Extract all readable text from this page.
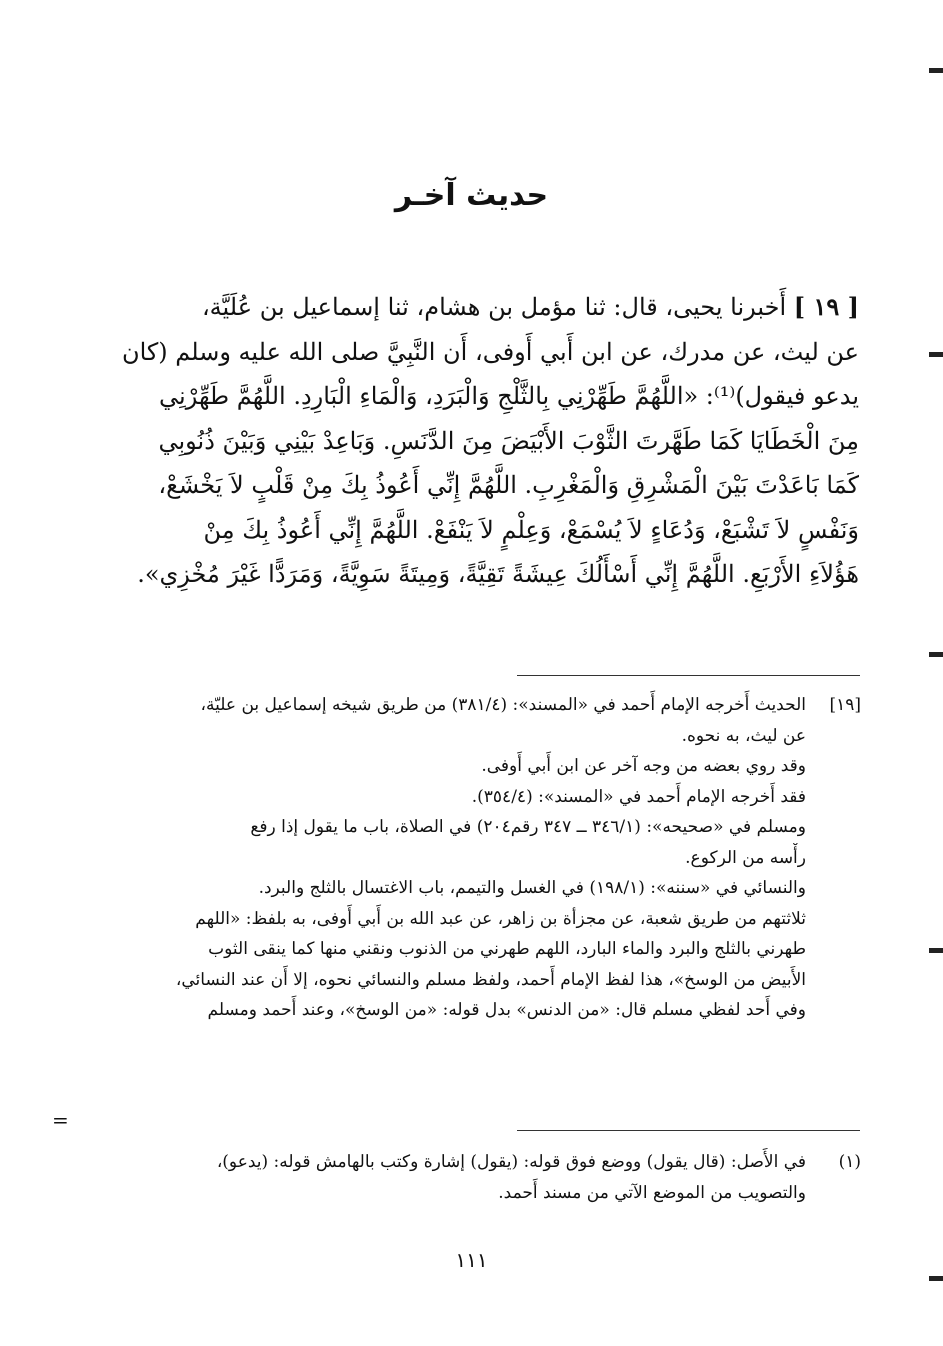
حديث آخـر
[ ١٩ ] أَخبرنا يحيى، قال: ثنا مؤمل بن هشام، ثنا إسماعيل بن عُلَيَّة،
عن ليث، عن مدرك، عن ابن أَبي أَوفى، أَن النَّبِيَّ صلى الله عليه وسلم (كان
يدعو فيقول)⁽¹⁾: «اللَّهُمَّ طَهِّرْنِي بِالثَّلْجِ وَالْبَرَدِ، وَالْمَاءِ الْبَارِدِ. اللَّهُمَّ طَهِّرْنِي
مِنَ الْخَطَايَا كَمَا طَهَّرتَ الثَّوْبَ الأَبْيَضَ مِنَ الدَّنَسِ. وَبَاعِدْ بَيْنِي وَبَيْنَ ذُنُوبِي
كَمَا بَاعَدْتَ بَيْنَ الْمَشْرِقِ وَالْمَغْرِبِ. اللَّهُمَّ إِنِّي أَعُوذُ بِكَ مِنْ قَلْبٍ لاَ يَخْشَعْ،
وَنَفْسٍ لاَ تَشْبَعْ، وَدُعَاءٍ لاَ يُسْمَعْ، وَعِلْمٍ لاَ يَنْفَعْ. اللَّهُمَّ إِنِّي أَعُوذُ بِكَ مِنْ
هَؤُلاَءِ الأَرْبَعِ. اللَّهُمَّ إِنِّي أَسْأَلُكَ عِيشَةً تَقِيَّةً، وَمِيتَةً سَوِيَّةً، وَمَرَدًّا غَيْرَ مُخْزِي».
[١٩]الحديث أَخرجه الإمام أَحمد في «المسند»: (٣٨١/٤) من طريق شيخه إسماعيل بن عليّة،
عن ليث، به نحوه.
وقد روي بعضه من وجه آخر عن ابن أَبي أَوفى.
فقد أَخرجه الإمام أَحمد في «المسند»: (٣٥٤/٤).
ومسلم في «صحيحه»: (٣٤٦/١ ــ ٣٤٧ رقم٢٠٤) في الصلاة، باب ما يقول إذا رفع
رأْسه من الركوع.
والنسائي في «سننه»: (١٩٨/١) في الغسل والتيمم، باب الاغتسال بالثلج والبرد.
ثلاثتهم من طريق شعبة، عن مجزأة بن زاهر، عن عبد الله بن أَبي أَوفى، به بلفظ: «اللهم
طهرني بالثلج والبرد والماء البارد، اللهم طهرني من الذنوب ونقني منها كما ينقى الثوب
الأَبيض من الوسخ»، هذا لفظ الإمام أَحمد، ولفظ مسلم والنسائي نحوه، إلا أَن عند النسائي،
وفي أَحد لفظي مسلم قال: «من الدنس» بدل قوله: «من الوسخ»، وعند أَحمد ومسلم
=
(١)في الأَصل: (قال يقول) ووضع فوق قوله: (يقول) إشارة وكتب بالهامش قوله: (يدعو)،
والتصويب من الموضع الآتي من مسند أَحمد.
١١١
